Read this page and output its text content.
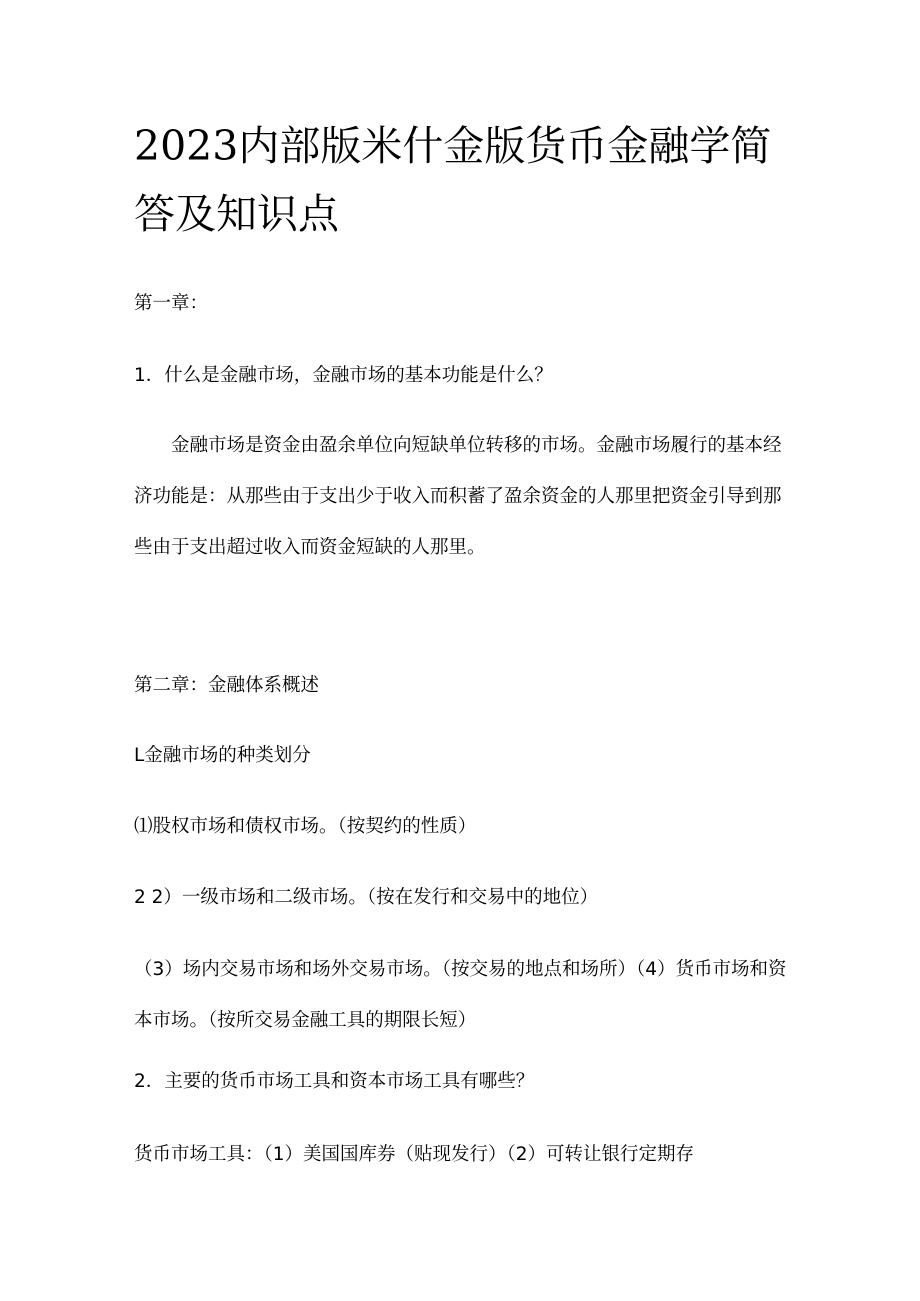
2023内部版米什金版货币金融学简答及知识点

第一章：

1．什么是金融市场，金融市场的基本功能是什么？

金融市场是资金由盈余单位向短缺单位转移的市场。金融市场履行的基本经济功能是：从那些由于支出少于收入而积蓄了盈余资金的人那里把资金引导到那些由于支出超过收入而资金短缺的人那里。

第二章：金融体系概述

L金融市场的种类划分

⑴股权市场和债权市场。（按契约的性质）

2 2）一级市场和二级市场。（按在发行和交易中的地位）

（3）场内交易市场和场外交易市场。（按交易的地点和场所）（4）货币市场和资本市场。（按所交易金融工具的期限长短）

2．主要的货币市场工具和资本市场工具有哪些？

货币市场工具：（1）美国国库券（贴现发行）（2）可转让银行定期存
